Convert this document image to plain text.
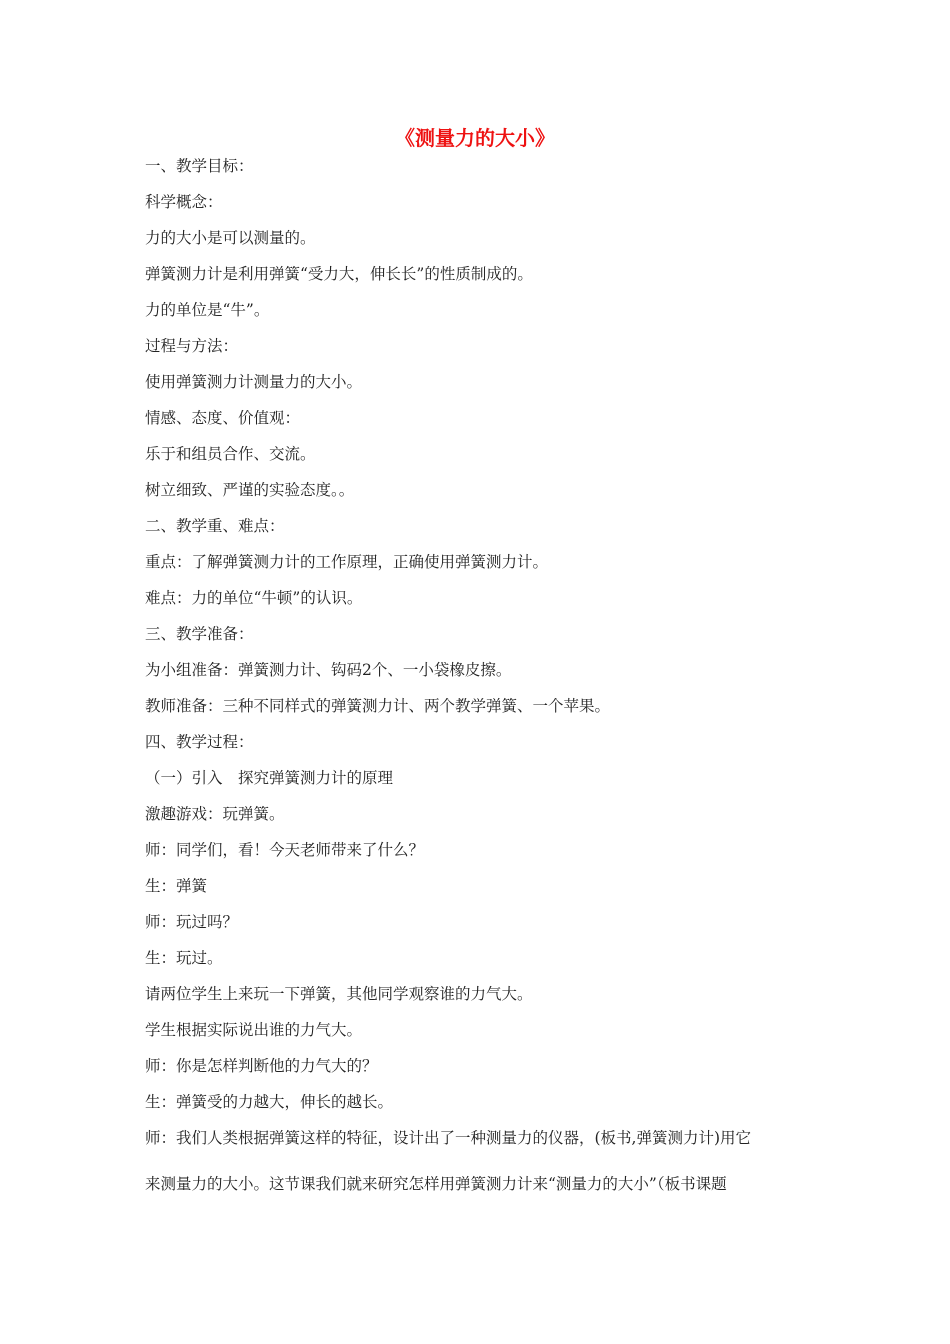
《测量力的大小》
一、教学目标：
科学概念：
力的大小是可以测量的。
弹簧测力计是利用弹簧“受力大，伸长长”的性质制成的。
力的单位是“牛”。
过程与方法：
使用弹簧测力计测量力的大小。
情感、态度、价值观：
乐于和组员合作、交流。
树立细致、严谨的实验态度。。
二、教学重、难点：
重点：了解弹簧测力计的工作原理，正确使用弹簧测力计。
难点：力的单位“牛顿”的认识。
三、教学准备：
为小组准备：弹簧测力计、钩码2个、一小袋橡皮擦。
教师准备：三种不同样式的弹簧测力计、两个教学弹簧、一个苹果。
四、教学过程：
（一）引入　探究弹簧测力计的原理
激趣游戏：玩弹簧。
师：同学们，看！今天老师带来了什么？
生：弹簧
师：玩过吗？
生：玩过。
请两位学生上来玩一下弹簧，其他同学观察谁的力气大。
学生根据实际说出谁的力气大。
师：你是怎样判断他的力气大的？
生：弹簧受的力越大，伸长的越长。
师：我们人类根据弹簧这样的特征，设计出了一种测量力的仪器，(板书,弹簧测力计)用它
来测量力的大小。这节课我们就来研究怎样用弹簧测力计来“测量力的大小”（板书课题
